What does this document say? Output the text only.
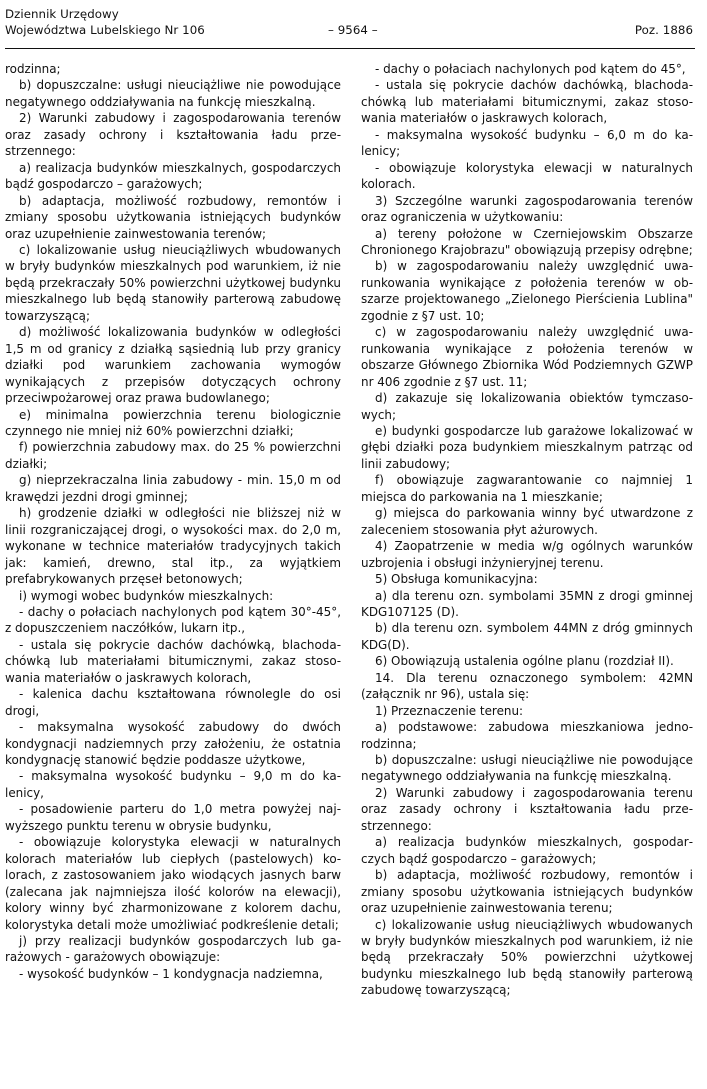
Dziennik Urzędowy
Województwa Lubelskiego Nr 106	– 9564 –	Poz. 1886

rodzinna;

b) dopuszczalne: usługi nieuciążliwe nie powodujące negatywnego oddziaływania na funkcję mieszkalną.

2) Warunki zabudowy i zagospodarowania terenów oraz zasady ochrony i kształtowania ładu przestrzennego:

a) realizacja budynków mieszkalnych, gospodarczych bądź gospodarczo – garażowych;

b) adaptacja, możliwość rozbudowy, remontów i zmiany sposobu użytkowania istniejących budynków oraz uzupełnienie zainwestowania terenów;

c) lokalizowanie usług nieuciążliwych wbudowanych w bryły budynków mieszkalnych pod warunkiem, iż nie będą przekraczały 50% powierzchni użytkowej budynku mieszkalnego lub będą stanowiły parterową zabudowę towarzyszącą;

d) możliwość lokalizowania budynków w odległości 1,5 m od granicy z działką sąsiednią lub przy granicy działki pod warunkiem zachowania wymogów wynikających z przepisów dotyczących ochrony przeciwpożarowej oraz prawa budowlanego;

e) minimalna powierzchnia terenu biologicznie czynnego nie mniej niż 60% powierzchni działki;

f) powierzchnia zabudowy max. do 25 % powierzchni działki;

g) nieprzekraczalna linia zabudowy - min. 15,0 m od krawędzi jezdni drogi gminnej;

h) grodzenie działki w odległości nie bliższej niż w linii rozgraniczającej drogi, o wysokości max. do 2,0 m, wykonane w technice materiałów tradycyjnych takich jak: kamień, drewno, stal itp., za wyjątkiem prefabrykowanych przęseł betonowych;

i) wymogi wobec budynków mieszkalnych:

- dachy o połaciach nachylonych pod kątem 30°-45°, z dopuszczeniem naczółków, lukarn itp.,

- ustala się pokrycie dachów dachówką, blachodachówką lub materiałami bitumicznymi, zakaz stosowania materiałów o jaskrawych kolorach,

- kalenica dachu kształtowana równolegle do osi drogi,

- maksymalna wysokość zabudowy do dwóch kondygnacji nadziemnych przy założeniu, że ostatnia kondygnację stanowić będzie poddasze użytkowe,

- maksymalna wysokość budynku – 9,0 m do kalenicy,

- posadowienie parteru do 1,0 metra powyżej najwyższego punktu terenu w obrysie budynku,

- obowiązuje kolorystyka elewacji w naturalnych kolorach materiałów lub ciepłych (pastelowych) kolorach, z zastosowaniem jako wiodących jasnych barw (zalecana jak najmniejsza ilość kolorów na elewacji), kolory winny być zharmonizowane z kolorem dachu, kolorystyka detali może umożliwiać podkreślenie detali;

j) przy realizacji budynków gospodarczych lub garażowych - garażowych obowiązuje:

- wysokość budynków – 1 kondygnacja nadziemna,

- dachy o połaciach nachylonych pod kątem do 45°,

- ustala się pokrycie dachów dachówką, blachodachówką lub materiałami bitumicznymi, zakaz stosowania materiałów o jaskrawych kolorach,

- maksymalna wysokość budynku – 6,0 m do kalenicy;

- obowiązuje kolorystyka elewacji w naturalnych kolorach.

3) Szczególne warunki zagospodarowania terenów oraz ograniczenia w użytkowaniu:

a) tereny położone w Czerniejowskim Obszarze Chronionego Krajobrazu" obowiązują przepisy odrębne;

b) w zagospodarowaniu należy uwzględnić uwarunkowania wynikające z położenia terenów w obszarze projektowanego „Zielonego Pierścienia Lublina" zgodnie z §7 ust. 10;

c) w zagospodarowaniu należy uwzględnić uwarunkowania wynikające z położenia terenów w obszarze Głównego Zbiornika Wód Podziemnych GZWP nr 406 zgodnie z §7 ust. 11;

d) zakazuje się lokalizowania obiektów tymczasowych;

e) budynki gospodarcze lub garażowe lokalizować w głębi działki poza budynkiem mieszkalnym patrząc od linii zabudowy;

f) obowiązuje zagwarantowanie co najmniej 1 miejsca do parkowania na 1 mieszkanie;

g) miejsca do parkowania winny być utwardzone z zaleceniem stosowania płyt ażurowych.

4) Zaopatrzenie w media w/g ogólnych warunków uzbrojenia i obsługi inżynieryjnej terenu.

5) Obsługa komunikacyjna:

a) dla terenu ozn. symbolami 35MN z drogi gminnej KDG107125 (D).

b) dla terenu ozn. symbolem 44MN z dróg gminnych KDG(D).

6) Obowiązują ustalenia ogólne planu (rozdział II).

14. Dla terenu oznaczonego symbolem: 42MN (załącznik nr 96), ustala się:

1) Przeznaczenie terenu:

a) podstawowe: zabudowa mieszkaniowa jednorodzinna;

b) dopuszczalne: usługi nieuciążliwe nie powodujące negatywnego oddziaływania na funkcję mieszkalną.

2) Warunki zabudowy i zagospodarowania terenu oraz zasady ochrony i kształtowania ładu przestrzennego:

a) realizacja budynków mieszkalnych, gospodarczych bądź gospodarczo – garażowych;

b) adaptacja, możliwość rozbudowy, remontów i zmiany sposobu użytkowania istniejących budynków oraz uzupełnienie zainwestowania terenu;

c) lokalizowanie usług nieuciążliwych wbudowanych w bryły budynków mieszkalnych pod warunkiem, iż nie będą przekraczały 50% powierzchni użytkowej budynku mieszkalnego lub będą stanowiły parterową zabudowę towarzyszącą;
